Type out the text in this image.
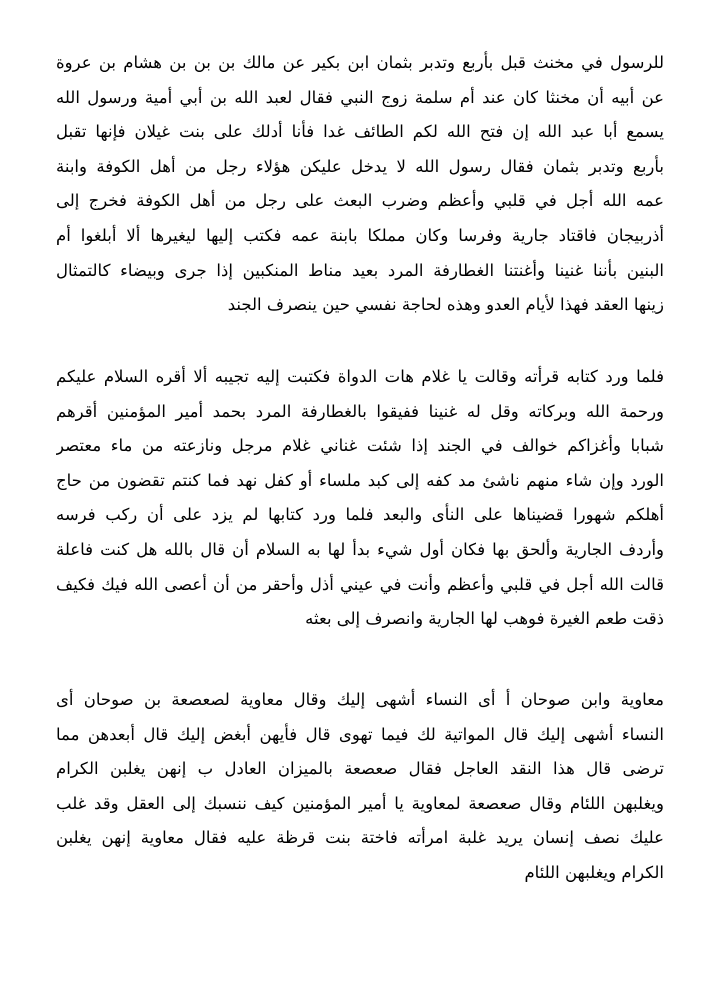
للرسول في مخنث قبل بأربع وتدبر بثمان ابن بكير عن مالك بن بن بن هشام بن عروة
عن أبيه أن مخنثا كان عند أم سلمة زوج النبي فقال لعبد الله بن أبي أمية ورسول الله
يسمع أبا عبد الله إن فتح الله لكم الطائف غدا فأنا أدلك على بنت غيلان فإنها تقبل
بأربع وتدبر بثمان فقال رسول الله لا يدخل عليكن هؤلاء رجل من أهل الكوفة وابنة
عمه الله أجل في قلبي وأعظم وضرب البعث على رجل من أهل الكوفة فخرج إلى
أذربيجان فاقتاد جارية وفرسا وكان مملكا بابنة عمه فكتب إليها ليغيرها ألا أبلغوا أم
البنين بأننا غنينا وأغنتنا الغطارفة المرد بعيد مناط المنكبين إذا جرى وبيضاء كالتمثال
زينها العقد فهذا لأيام العدو وهذه لحاجة نفسي حين ينصرف الجند
فلما ورد كتابه قرأته وقالت يا غلام هات الدواة فكتبت إليه تجيبه ألا أقره السلام عليكم
ورحمة الله وبركاته وقل له غنينا ففيقوا بالغطارفة المرد بحمد أمير المؤمنين أقرهم
شبابا وأغزاكم خوالف في الجند إذا شئت غناني غلام مرجل ونازعته من ماء معتصر
الورد وإن شاء منهم ناشئ مد كفه إلى كبد ملساء أو كفل نهد فما كنتم تقضون من حاج
أهلكم شهورا قضيناها على النأى والبعد فلما ورد كتابها لم يزد على أن ركب فرسه
وأردف الجارية وألحق بها فكان أول شيء بدأ لها به السلام أن قال بالله هل كنت فاعلة
قالت الله أجل في قلبي وأعظم وأنت في عيني أذل وأحقر من أن أعصى الله فيك فكيف
ذقت طعم الغيرة فوهب لها الجارية وانصرف إلى بعثه
معاوية وابن صوحان أ أى النساء أشهى إليك وقال معاوية لصعصعة بن صوحان أى
النساء أشهى إليك قال المواتية لك فيما تهوى قال فأيهن أبغض إليك قال أبعدهن مما
ترضى قال هذا النقد العاجل فقال صعصعة بالميزان العادل ب إنهن يغلبن الكرام
ويغلبهن اللئام وقال صعصعة لمعاوية يا أمير المؤمنين كيف ننسبك إلى العقل وقد غلب
عليك نصف إنسان يريد غلبة امرأته فاختة بنت قرظة عليه فقال معاوية إنهن يغلبن
الكرام ويغلبهن اللئام
